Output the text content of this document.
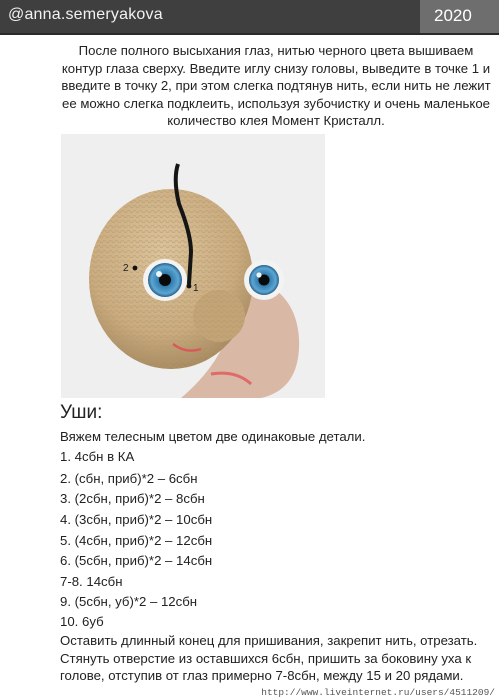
@anna.semeryakova	2020
После полного высыхания глаз, нитью черного цвета вышиваем контур глаза сверху. Введите иглу снизу головы, выведите в точке 1 и введите в точку 2, при этом слегка подтянув нить, если нить не лежит ее можно слегка подклеить, используя зубочистку и очень маленькое количество клея Момент Кристалл.
2
1
Уши:
Вяжем телесным цветом две одинаковые детали.
1. 4сбн в КА
2. (сбн, приб)*2 – 6сбн
3. (2сбн, приб)*2 – 8сбн
4. (3сбн, приб)*2 – 10сбн
5. (4сбн, приб)*2 – 12сбн
6. (5сбн, приб)*2 – 14сбн
7-8. 14сбн
9. (5сбн, уб)*2 – 12сбн
10. 6уб
Оставить длинный конец для пришивания, закрепит нить, отрезать. Стянуть отверстие из оставшихся 6сбн, пришить за боковину уха к голове, отступив от глаз примерно 7-8сбн, между 15 и 20 рядами.
http://www.liveinternet.ru/users/4511209/
